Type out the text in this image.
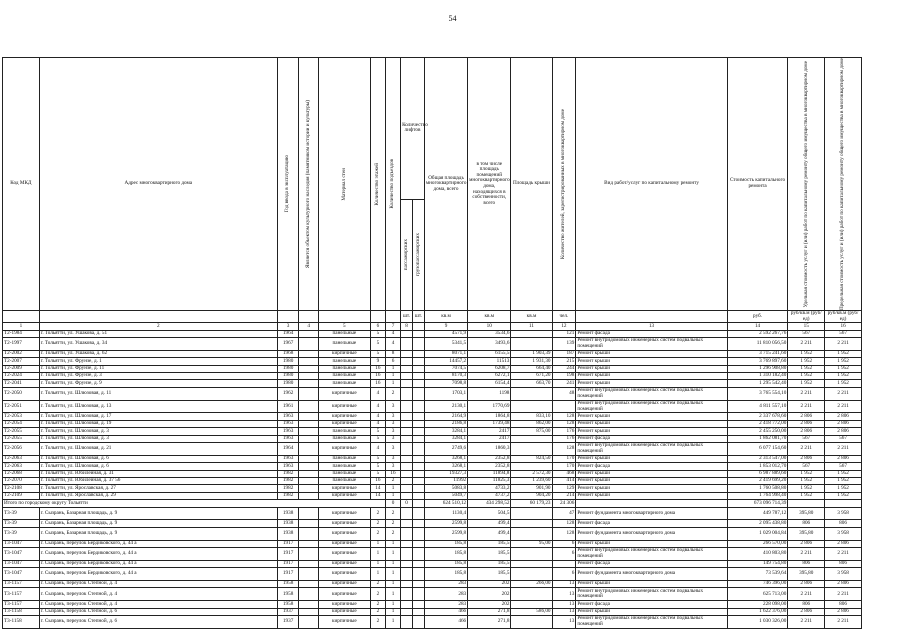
54
Код МКД	Адрес многоквартирного дома	Год ввода в эксплуатацию	Является объектом культурного наследия (памятником истории и культуры)	Материал стен	Количество этажей	Количество подъездов	Количество лифтов		Общая площадь многоквартирного дома, всего	в том числе площадь помещений многоквартирного дома, находящихся в собственности, всего	Площадь крыши	Количество жителей, зарегистрированных в многоквартирном доме	Вид работ/услуг по капитальному ремонту	Стоимость капитального ремонта	Удельная стоимость услуг и (или) работ по капитальному ремонту общего имущества в многоквартирном доме	Предельная стоимость услуг и (или) работ по капитальному ремонту общего имущества в многоквартирном доме

							пассажирских	грузопассажирских								

							шт.	шт.	кв.м	кв.м	кв.м	чел.		руб.	руб/кв.м (руб/ед)	руб/кв.м (руб/ед)
1	2	3	4	5	6	7	8		9	10	11	12	13	14	15	16
Т2-1984	г. Тольятти, ул. Ушакова, д. 51	1964		панельные	5	4			4571,9	3534,6		121	Ремонт фасада	2 592 267,76	567	567
Т2-1997	г. Тольятти, ул. Ушакова, д. 34	1967		панельные	5	4			5341,5	3493,6		139	Ремонт внутридомовых инженерных систем подвальных помещений	11 810 056,50	2 211	2 211
Т2-2002	г. Тольятти, ул. Ушакова, д. 62	1968		кирпичные	5	8			8071,1	6155,5	1 903,39	187	Ремонт крыши	3 715 241,60	1 952	1 952
Т2-2007	г. Тольятти, ул. Фрунзе, д. 1	1980		панельные	9	6			14457,2	11513	1 931,30	215	Ремонт крыши	3 769 897,60	1 952	1 952
Т2-2009	г. Тольятти, ул. Фрунзе, д. 11	1980		панельные	16	1			7074,5	6208,7	664,40	244	Ремонт крыши	1 296 908,80	1 952	1 952
Т2-2024	г. Тольятти, ул. Фрунзе, д. 3	1980		панельные	16	1			8170,3	6272,1	671,20	198	Ремонт крыши	1 310 182,40	1 952	1 952
Т2-2041	г. Тольятти, ул. Фрунзе, д. 9	1980		панельные	16	1			7098,8	6154,4	663,70	241	Ремонт крыши	1 295 542,40	1 952	1 952
Т2-2050	г. Тольятти, ул. Шлюзовая, д. 11	1962		кирпичные	4	2			1703,1	1198		48	Ремонт внутридомовых инженерных систем подвальных помещений	3 765 554,10	2 211	2 211
Т2-2051	г. Тольятти, ул. Шлюзовая, д. 13	1961		кирпичные	4	3			2130,1	1770,69			Ремонт внутридомовых инженерных систем подвальных помещений	4 811 557,10	2 211	2 211
Т2-2053	г. Тольятти, ул. Шлюзовая, д. 17	1963		кирпичные	4	3			2164,9	1864,8	833,10	128	Ремонт крыши	2 337 678,60	2 806	2 806
Т2-2054	г. Тольятти, ул. Шлюзовая, д. 19	1963		кирпичные	4	3			2186,8	1739,48	862,00	128	Ремонт крыши	2 418 772,00	2 806	2 806
Т2-2055	г. Тольятти, ул. Шлюзовая, д. 3	1963		панельные	5	3			3284,1	2417	875,00	176	Ремонт крыши	2 455 250,00	2 806	2 806
Т2-2055	г. Тольятти, ул. Шлюзовая, д. 3	1963		панельные	5	3			3284,1	2417		176	Ремонт фасада	1 862 081,70	567	567
Т2-2056	г. Тольятти, ул. Шлюзовая, д. 21	1964		кирпичные	4	3			2749,6	1860,3		128	Ремонт внутридомовых инженерных систем подвальных помещений	6 077 154,60	2 211	2 211
Т2-2063	г. Тольятти, ул. Шлюзовая, д. 6	1963		панельные	5	3			3268,1	2352,8	824,50	170	Ремонт крыши	2 313 547,00	2 806	2 806
Т2-2063	г. Тольятти, ул. Шлюзовая, д. 6	1963		панельные	5	3			3268,1	2352,8		170	Ремонт фасада	1 853 012,70	567	567
Т2-2068	г. Тольятти, ул. Юбилейная, д. 31	1982		панельные	5	16			19327,3	11894,8	2 572,30	468	Ремонт крыши	6 987 889,60	1 952	1 952
Т2-2070	г. Тольятти, ул. Юбилейная, д. 37 56	1982		панельные	16	2			11992	11825,3	1 239,60	414	Ремонт крыши	2 419 699,20	1 952	1 952
Т2-2108	г. Тольятти, ул. Ярославская, д. 27	1982		кирпичные	14	1			5083,8	4733,2	901,90	129	Ремонт крыши	1 760 508,80	1 952	1 952
Т2-2109	г. Тольятти, ул. Ярославская, д. 29	1982		кирпичные	14	1			5049,7	4737,2	904,20	214	Ремонт крыши	1 764 998,40	1 952	1 952
Итого по городскому округу Тольятти						0	0		624 510,12	434 298,52	60 179,23	24 306		673 096 714,39		
Т3-39	г. Сызрань, Базарная площадь, д. 9	1938		кирпичные	2	2			1130,4	504,5		47	Ремонт фундамента многоквартирного дома	449 787,12	395,80	3 958
Т3-39	г. Сызрань, Базарная площадь, д. 9	1938		кирпичные	2	2			2599,8	499,4		128	Ремонт фасада	2 095 438,80	806	806
Т3-39	г. Сызрань, Базарная площадь, д. 9	1938		кирпичные	2	2			2599,8	499,4		128	Ремонт фундамента многоквартирного дома	1 029 004,84	395,80	3 958
Т3-1047	г. Сызрань, переулок Бердиковского, д. 44 а	1917		кирпичные	1	1			185,8	185,5	95,00	6	Ремонт крыши	266 570,00	2 806	2 806
Т3-1047	г. Сызрань, переулок Бердиковского, д. 44 а	1917		кирпичные	1	1			185,8	185,5		6	Ремонт внутридомовых инженерных систем подвальных помещений	410 803,80	2 211	2 211
Т3-1047	г. Сызрань, переулок Бердиковского, д. 44 а	1917		кирпичные	1	1			185,8	185,5			Ремонт фасада	149 754,80	806	806
Т3-1047	г. Сызрань, переулок Бердиковского, д. 44 а	1917		кирпичные	1	1			185,8	185,5		6	Ремонт фундамента многоквартирного дома	73 539,64	395,80	3 958
Т3-1157	г. Сызрань, переулок Степной, д. 4	1958		кирпичные	2	1			283	202	266,00	13	Ремонт крыши	746 396,00	2 806	2 806
Т3-1157	г. Сызрань, переулок Степной, д. 4	1958		кирпичные	2	1			283	202		13	Ремонт внутридомовых инженерных систем подвальных помещений	625 713,00	2 211	2 211
Т3-1157	г. Сызрань, переулок Степной, д. 4	1958		кирпичные	2	1			283	202		13	Ремонт фасада	228 098,00	806	806
Т3-1158	г. Сызрань, переулок Степной, д. 6	1937		кирпичные	2	1			466	271,8	586,00	13	Ремонт крыши	1 622 376,00	2 806	2 806
Т3-1158	г. Сызрань, переулок Степной, д. 6	1937		кирпичные	2	1			466	271,8		13	Ремонт внутридомовых инженерных систем подвальных помещений	1 030 326,00	2 211	2 211
